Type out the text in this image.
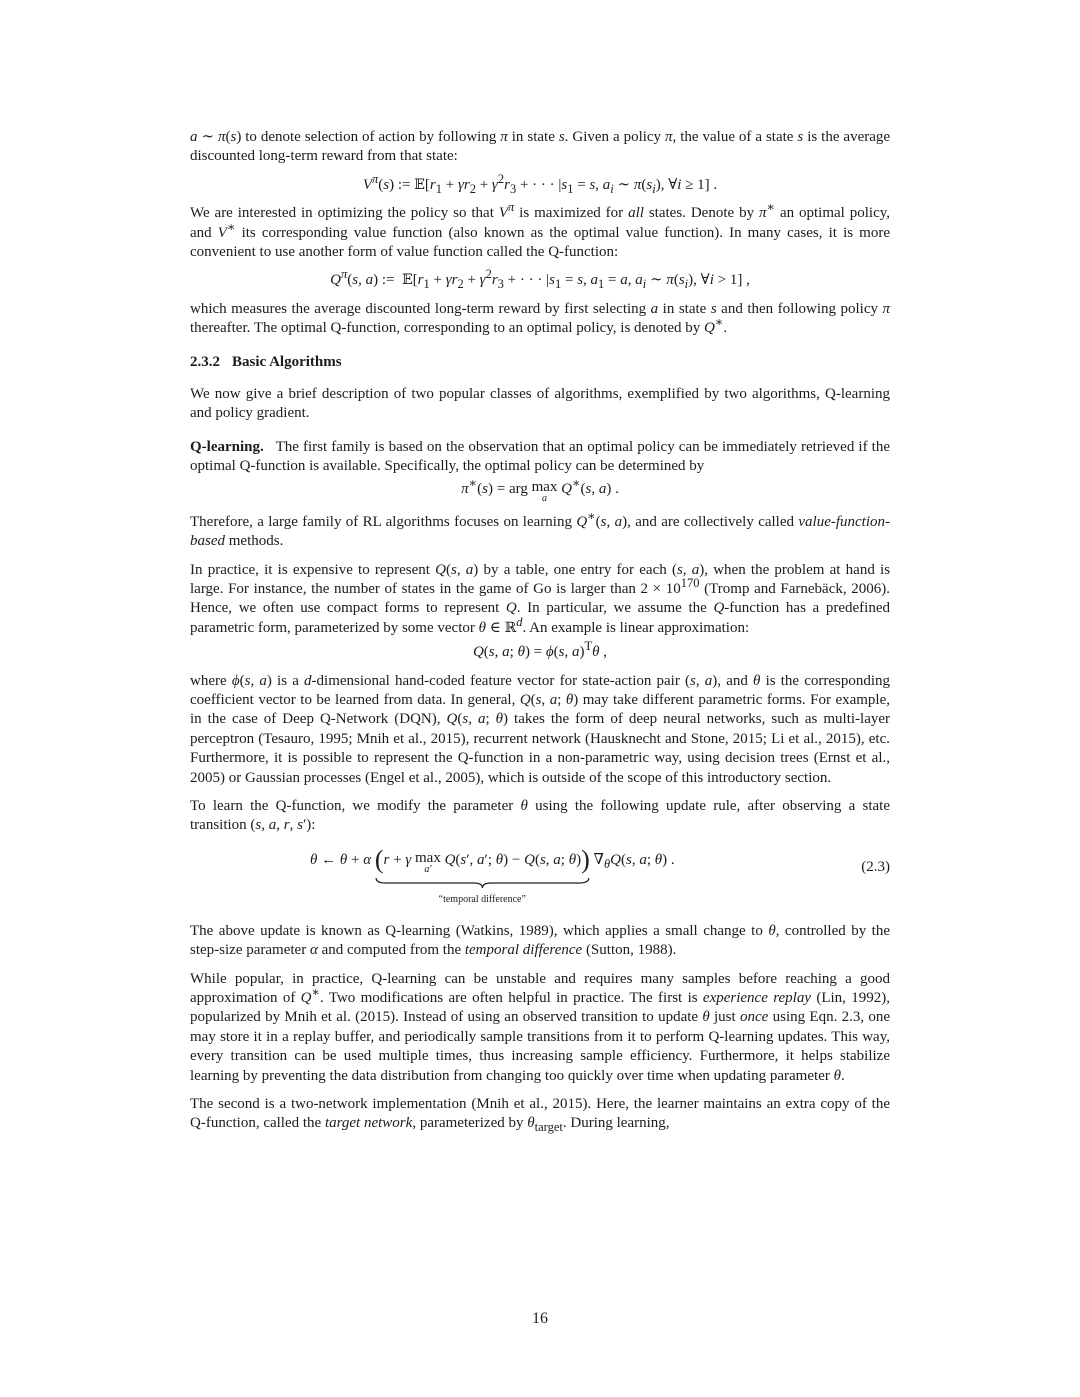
a ∼ π(s) to denote selection of action by following π in state s. Given a policy π, the value of a state s is the average discounted long-term reward from that state:

$V^\pi(s)$ := $𝔼[r_1 + \gamma r_2 + \gamma^2r_3$ + · · · $|s_1 = s$, $a_i$ ∼ $\pi(s_i)$, ∀i ≥ 1] .

We are interested in optimizing the policy so that $V^\pi$ is maximized for all states. Denote by π∗ an optimal policy, and V∗ its corresponding value function (also known as the optimal value function). In many cases, it is more convenient to use another form of value function called the Q-function:

$Q^\pi(s$, a) :=  $𝔼[r_1 + \gamma r_2 + \gamma^2r_3$ + · · · $|s_1 = s$, $a_1 = a$, $a_i$ ∼ $\pi(s_i)$, ∀i > 1] ,

which measures the average discounted long-term reward by first selecting a in state s and then following policy π thereafter. The optimal Q-function, corresponding to an optimal policy, is denoted by Q∗.

2.3.2 Basic Algorithms

We now give a brief description of two popular classes of algorithms, exemplified by two algorithms, Q-learning and policy gradient.

Q-learning. The first family is based on the observation that an optimal policy can be immediately retrieved if the optimal Q-function is available. Specifically, the optimal policy can be determined by

π∗(s) = arg max
a
Q∗(s, a) .

Therefore, a large family of RL algorithms focuses on learning Q∗(s, a), and are collectively called value-function-based methods.

In practice, it is expensive to represent Q(s, a) by a table, one entry for each (s, a), when the problem at hand is large. For instance, the number of states in the game of Go is larger than $2 \times 10^{170}$ (Tromp and Farnebäck, 2006). Hence, we often use compact forms to represent Q. In particular, we assume the Q-function has a predefined parametric form, parameterized by some vector θ ∈ ℝ$^d$. An example is linear approximation:

Q(s, a; θ) = ϕ(s, a)$^T$θ ,

where ϕ(s, a) is a d-dimensional hand-coded feature vector for state-action pair (s, a), and θ is the corresponding coefficient vector to be learned from data. In general, Q(s, a; θ) may take different parametric forms. For example, in the case of Deep Q-Network (DQN), Q(s, a; θ) takes the form of deep neural networks, such as multi-layer perceptron (Tesauro, 1995; Mnih et al., 2015), recurrent network (Hausknecht and Stone, 2015; Li et al., 2015), etc. Furthermore, it is possible to represent the Q-function in a non-parametric way, using decision trees (Ernst et al., 2005) or Gaussian processes (Engel et al., 2005), which is outside of the scope of this introductory section.

To learn the Q-function, we modify the parameter θ using the following update rule, after observing a state transition (s, a, r, s′):

θ ← θ + α (r + γ max
a′
Q(s′, a′; θ) − Q(s, a; θ))
“temporal difference”
$\nabla_\theta Q(s$, a; θ) .	(2.3)

The above update is known as Q-learning (Watkins, 1989), which applies a small change to θ, controlled by the step-size parameter α and computed from the temporal difference (Sutton, 1988).

While popular, in practice, Q-learning can be unstable and requires many samples before reaching a good approximation of Q∗. Two modifications are often helpful in practice. The first is experience replay (Lin, 1992), popularized by Mnih et al. (2015). Instead of using an observed transition to update θ just once using Eqn. 2.3, one may store it in a replay buffer, and periodically sample transitions from it to perform Q-learning updates. This way, every transition can be used multiple times, thus increasing sample efficiency. Furthermore, it helps stabilize learning by preventing the data distribution from changing too quickly over time when updating parameter θ.

The second is a two-network implementation (Mnih et al., 2015). Here, the learner maintains an extra copy of the Q-function, called the target network, parameterized by $\theta_{target}$. During learning,

16
